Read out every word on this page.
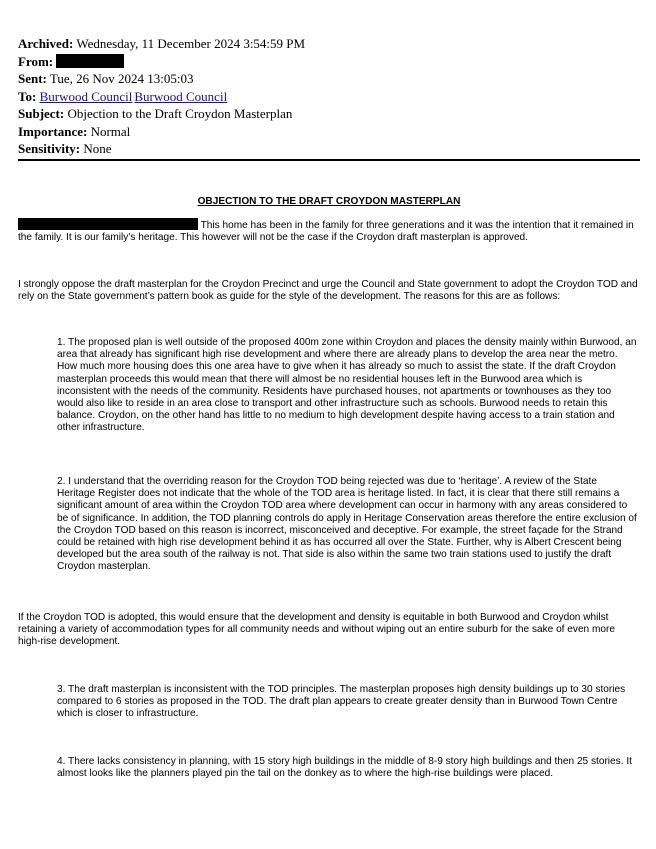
Archived: Wednesday, 11 December 2024 3:54:59 PM
From:
Sent: Tue, 26 Nov 2024 13:05:03
To: Burwood Council Burwood Council
Subject: Objection to the Draft Croydon Masterplan
Importance: Normal
Sensitivity: None
OBJECTION TO THE DRAFT CROYDON MASTERPLAN
This home has been in the family for three generations and it was the intention that it remained in the family. It is our family’s heritage. This however will not be the case if the Croydon draft masterplan is approved.
I strongly oppose the draft masterplan for the Croydon Precinct and urge the Council and State government to adopt the Croydon TOD and rely on the State government’s pattern book as guide for the style of the development. The reasons for this are as follows:
1. The proposed plan is well outside of the proposed 400m zone within Croydon and places the density mainly within Burwood, an area that already has significant high rise development and where there are already plans to develop the area near the metro. How much more housing does this one area have to give when it has already so much to assist the state. If the draft Croydon masterplan proceeds this would mean that there will almost be no residential houses left in the Burwood area which is inconsistent with the needs of the community. Residents have purchased houses, not apartments or townhouses as they too would also like to reside in an area close to transport and other infrastructure such as schools. Burwood needs to retain this balance. Croydon, on the other hand has little to no medium to high development despite having access to a train station and other infrastructure.
2. I understand that the overriding reason for the Croydon TOD being rejected was due to ‘heritage’. A review of the State Heritage Register does not indicate that the whole of the TOD area is heritage listed. In fact, it is clear that there still remains a significant amount of area within the Croydon TOD area where development can occur in harmony with any areas considered to be of significance. In addition, the TOD planning controls do apply in Heritage Conservation areas therefore the entire exclusion of the Croydon TOD based on this reason is incorrect, misconceived and deceptive. For example, the street façade for the Strand could be retained with high rise development behind it as has occurred all over the State. Further, why is Albert Crescent being developed but the area south of the railway is not. That side is also within the same two train stations used to justify the draft Croydon masterplan.
If the Croydon TOD is adopted, this would ensure that the development and density is equitable in both Burwood and Croydon whilst retaining a variety of accommodation types for all community needs and without wiping out an entire suburb for the sake of even more high-rise development.
3. The draft masterplan is inconsistent with the TOD principles. The masterplan proposes high density buildings up to 30 stories compared to 6 stories as proposed in the TOD. The draft plan appears to create greater density than in Burwood Town Centre which is closer to infrastructure.
4. There lacks consistency in planning, with 15 story high buildings in the middle of 8-9 story high buildings and then 25 stories. It almost looks like the planners played pin the tail on the donkey as to where the high-rise buildings were placed.
